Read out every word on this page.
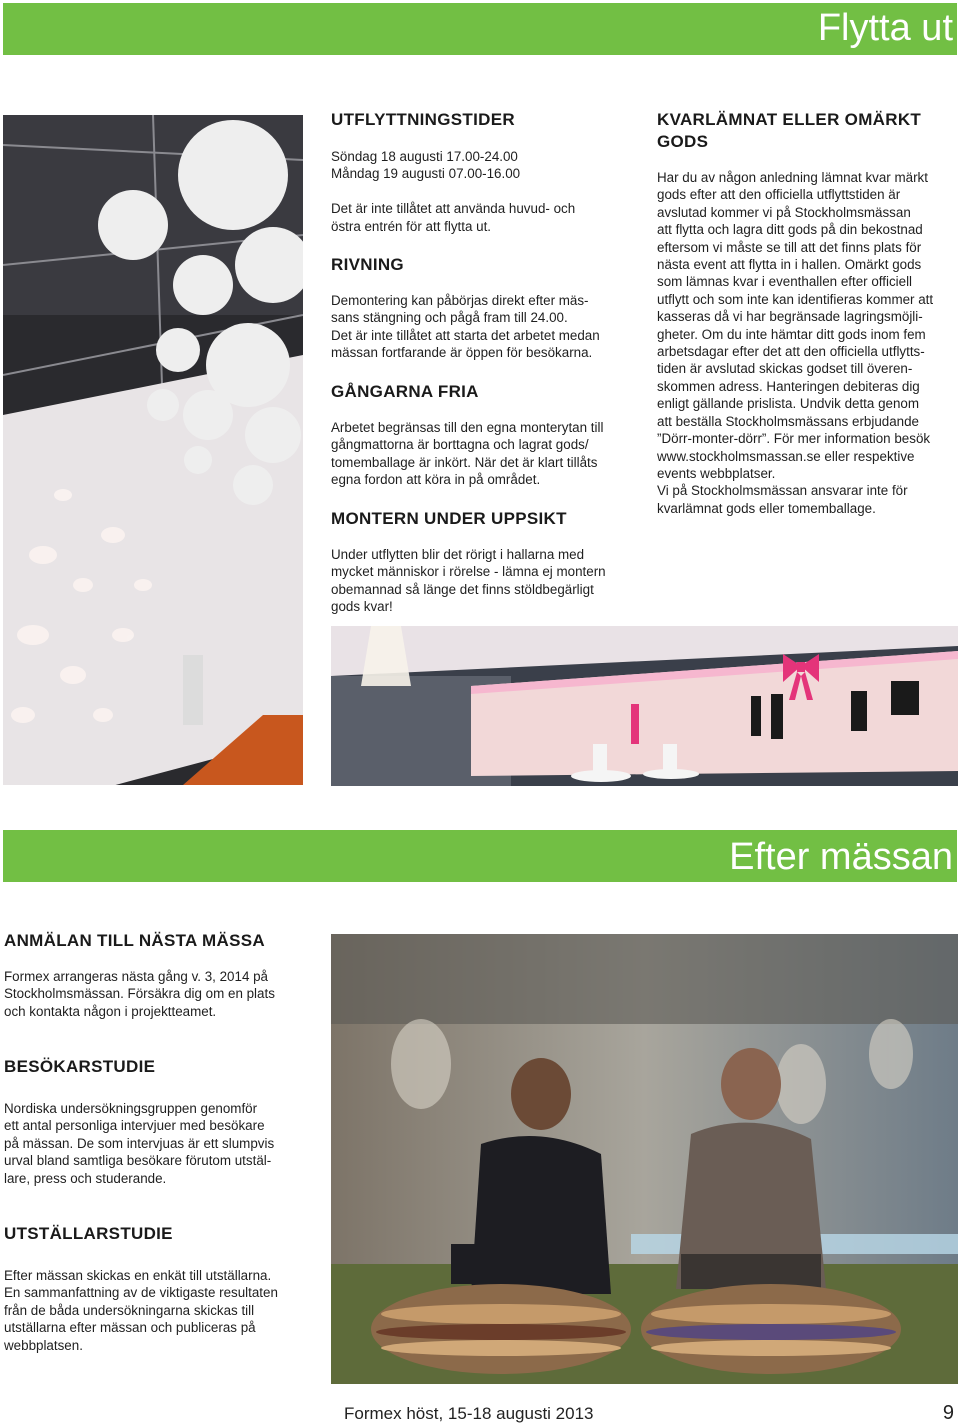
Flytta ut
UTFLYTTNINGSTIDER
Söndag 18 augusti 17.00-24.00
Måndag 19 augusti 07.00-16.00
Det är inte tillåtet att använda huvud- och
östra entrén för att flytta ut.
RIVNING
Demontering kan påbörjas direkt efter mäs-
sans stängning och pågå fram till 24.00.
Det är inte tillåtet att starta det arbetet medan
mässan fortfarande är öppen för besökarna.
GÅNGARNA FRIA
Arbetet begränsas till den egna monterytan till
gångmattorna är borttagna och lagrat gods/
tomemballage är inkört. När det är klart tillåts
egna fordon att köra in på området.
MONTERN UNDER UPPSIKT
Under utflytten blir det rörigt i hallarna med
mycket människor i rörelse - lämna ej montern
obemannad så länge det finns stöldbegärligt
gods kvar!
KVARLÄMNAT ELLER OMÄRKT
GODS
Har du av någon anledning lämnat kvar märkt
gods efter att den officiella utflyttstiden är
avslutad kommer vi på Stockholmsmässan
att flytta och lagra ditt gods på din bekostnad
eftersom vi måste se till att det finns plats för
nästa event att flytta in i hallen. Omärkt gods
som lämnas kvar i eventhallen efter officiell
utflytt och som inte kan identifieras kommer att
kasseras då vi har begränsade lagringsmöjli-
gheter. Om du inte hämtar ditt gods inom fem
arbetsdagar efter det att den officiella utflytts-
tiden är avslutad skickas godset till överen-
skommen adress. Hanteringen debiteras dig
enligt gällande prislista. Undvik detta genom
att beställa Stockholmsmässans erbjudande
”Dörr-monter-dörr”. För mer information besök
www.stockholmsmassan.se eller respektive
events webbplatser.
Vi på Stockholmsmässan ansvarar inte för
kvarlämnat gods eller tomemballage.
Efter mässan
ANMÄLAN TILL NÄSTA MÄSSA
Formex arrangeras nästa gång v. 3, 2014 på
Stockholmsmässan. Försäkra dig om en plats
och kontakta någon i projektteamet.
BESÖKARSTUDIE
Nordiska undersökningsgruppen genomför
ett antal personliga intervjuer med besökare
på mässan. De som intervjuas är ett slumpvis
urval bland samtliga besökare förutom utstäl-
lare, press och studerande.
UTSTÄLLARSTUDIE
Efter mässan skickas en enkät till utställarna.
En sammanfattning av de viktigaste resultaten
från de båda undersökningarna skickas till
utställarna efter mässan och publiceras på
webbplatsen.
Formex höst, 15-18 augusti 2013	9
